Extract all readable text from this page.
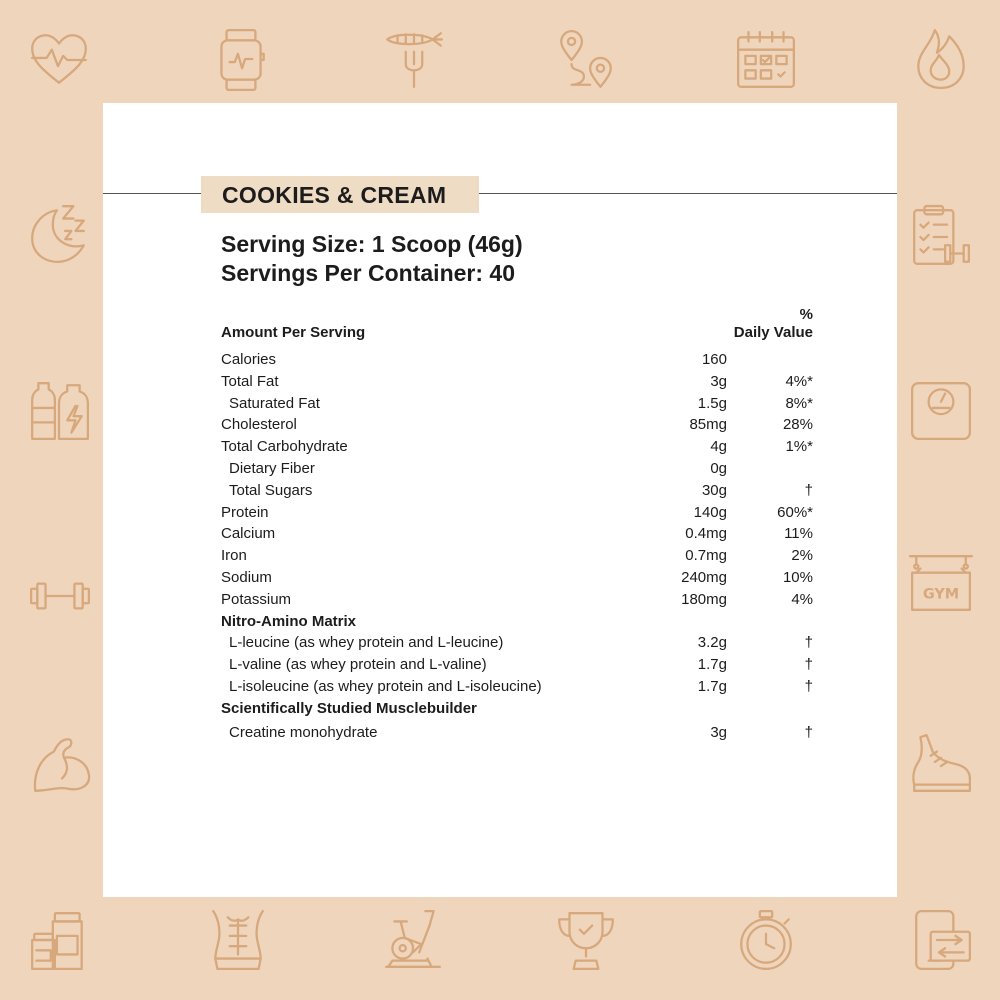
GYM
COOKIES & CREAM
Serving Size: 1 Scoop (46g)
Servings Per Container: 40
Amount Per Serving
%
Daily Value
Calories	160
Total Fat	3g	4%*
Saturated Fat	1.5g	8%*
Cholesterol	85mg	28%
Total Carbohydrate	4g	1%*
Dietary Fiber	0g
Total Sugars	30g	†
Protein	140g	60%*
Calcium	0.4mg	11%
Iron	0.7mg	2%
Sodium	240mg	10%
Potassium	180mg	4%
Nitro-Amino Matrix
L-leucine (as whey protein and L-leucine)	3.2g	†
L-valine (as whey protein and L-valine)	1.7g	†
L-isoleucine (as whey protein and L-isoleucine)	1.7g	†
Scientifically Studied Musclebuilder
Creatine monohydrate	3g	†
